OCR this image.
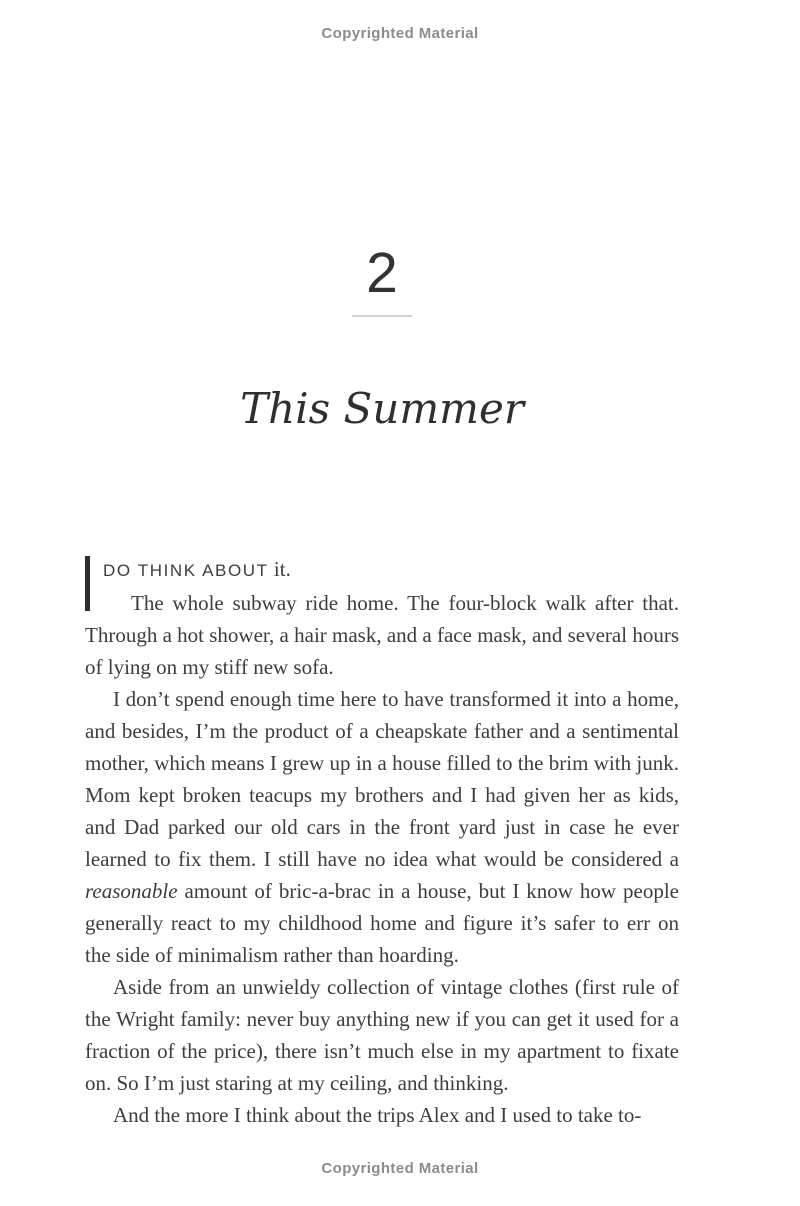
Copyrighted Material
2
This Summer

DO THINK ABOUT it.

The whole subway ride home. The four-block walk after that. Through a hot shower, a hair mask, and a face mask, and several hours of lying on my stiff new sofa.

I don’t spend enough time here to have transformed it into a home, and besides, I’m the product of a cheapskate father and a sentimental mother, which means I grew up in a house filled to the brim with junk. Mom kept broken teacups my brothers and I had given her as kids, and Dad parked our old cars in the front yard just in case he ever learned to fix them. I still have no idea what would be considered a reasonable amount of bric-a-brac in a house, but I know how people generally react to my childhood home and figure it’s safer to err on the side of minimalism rather than hoarding.

Aside from an unwieldy collection of vintage clothes (first rule of the Wright family: never buy anything new if you can get it used for a fraction of the price), there isn’t much else in my apartment to fixate on. So I’m just staring at my ceiling, and thinking.

And the more I think about the trips Alex and I used to take to-

Copyrighted Material
